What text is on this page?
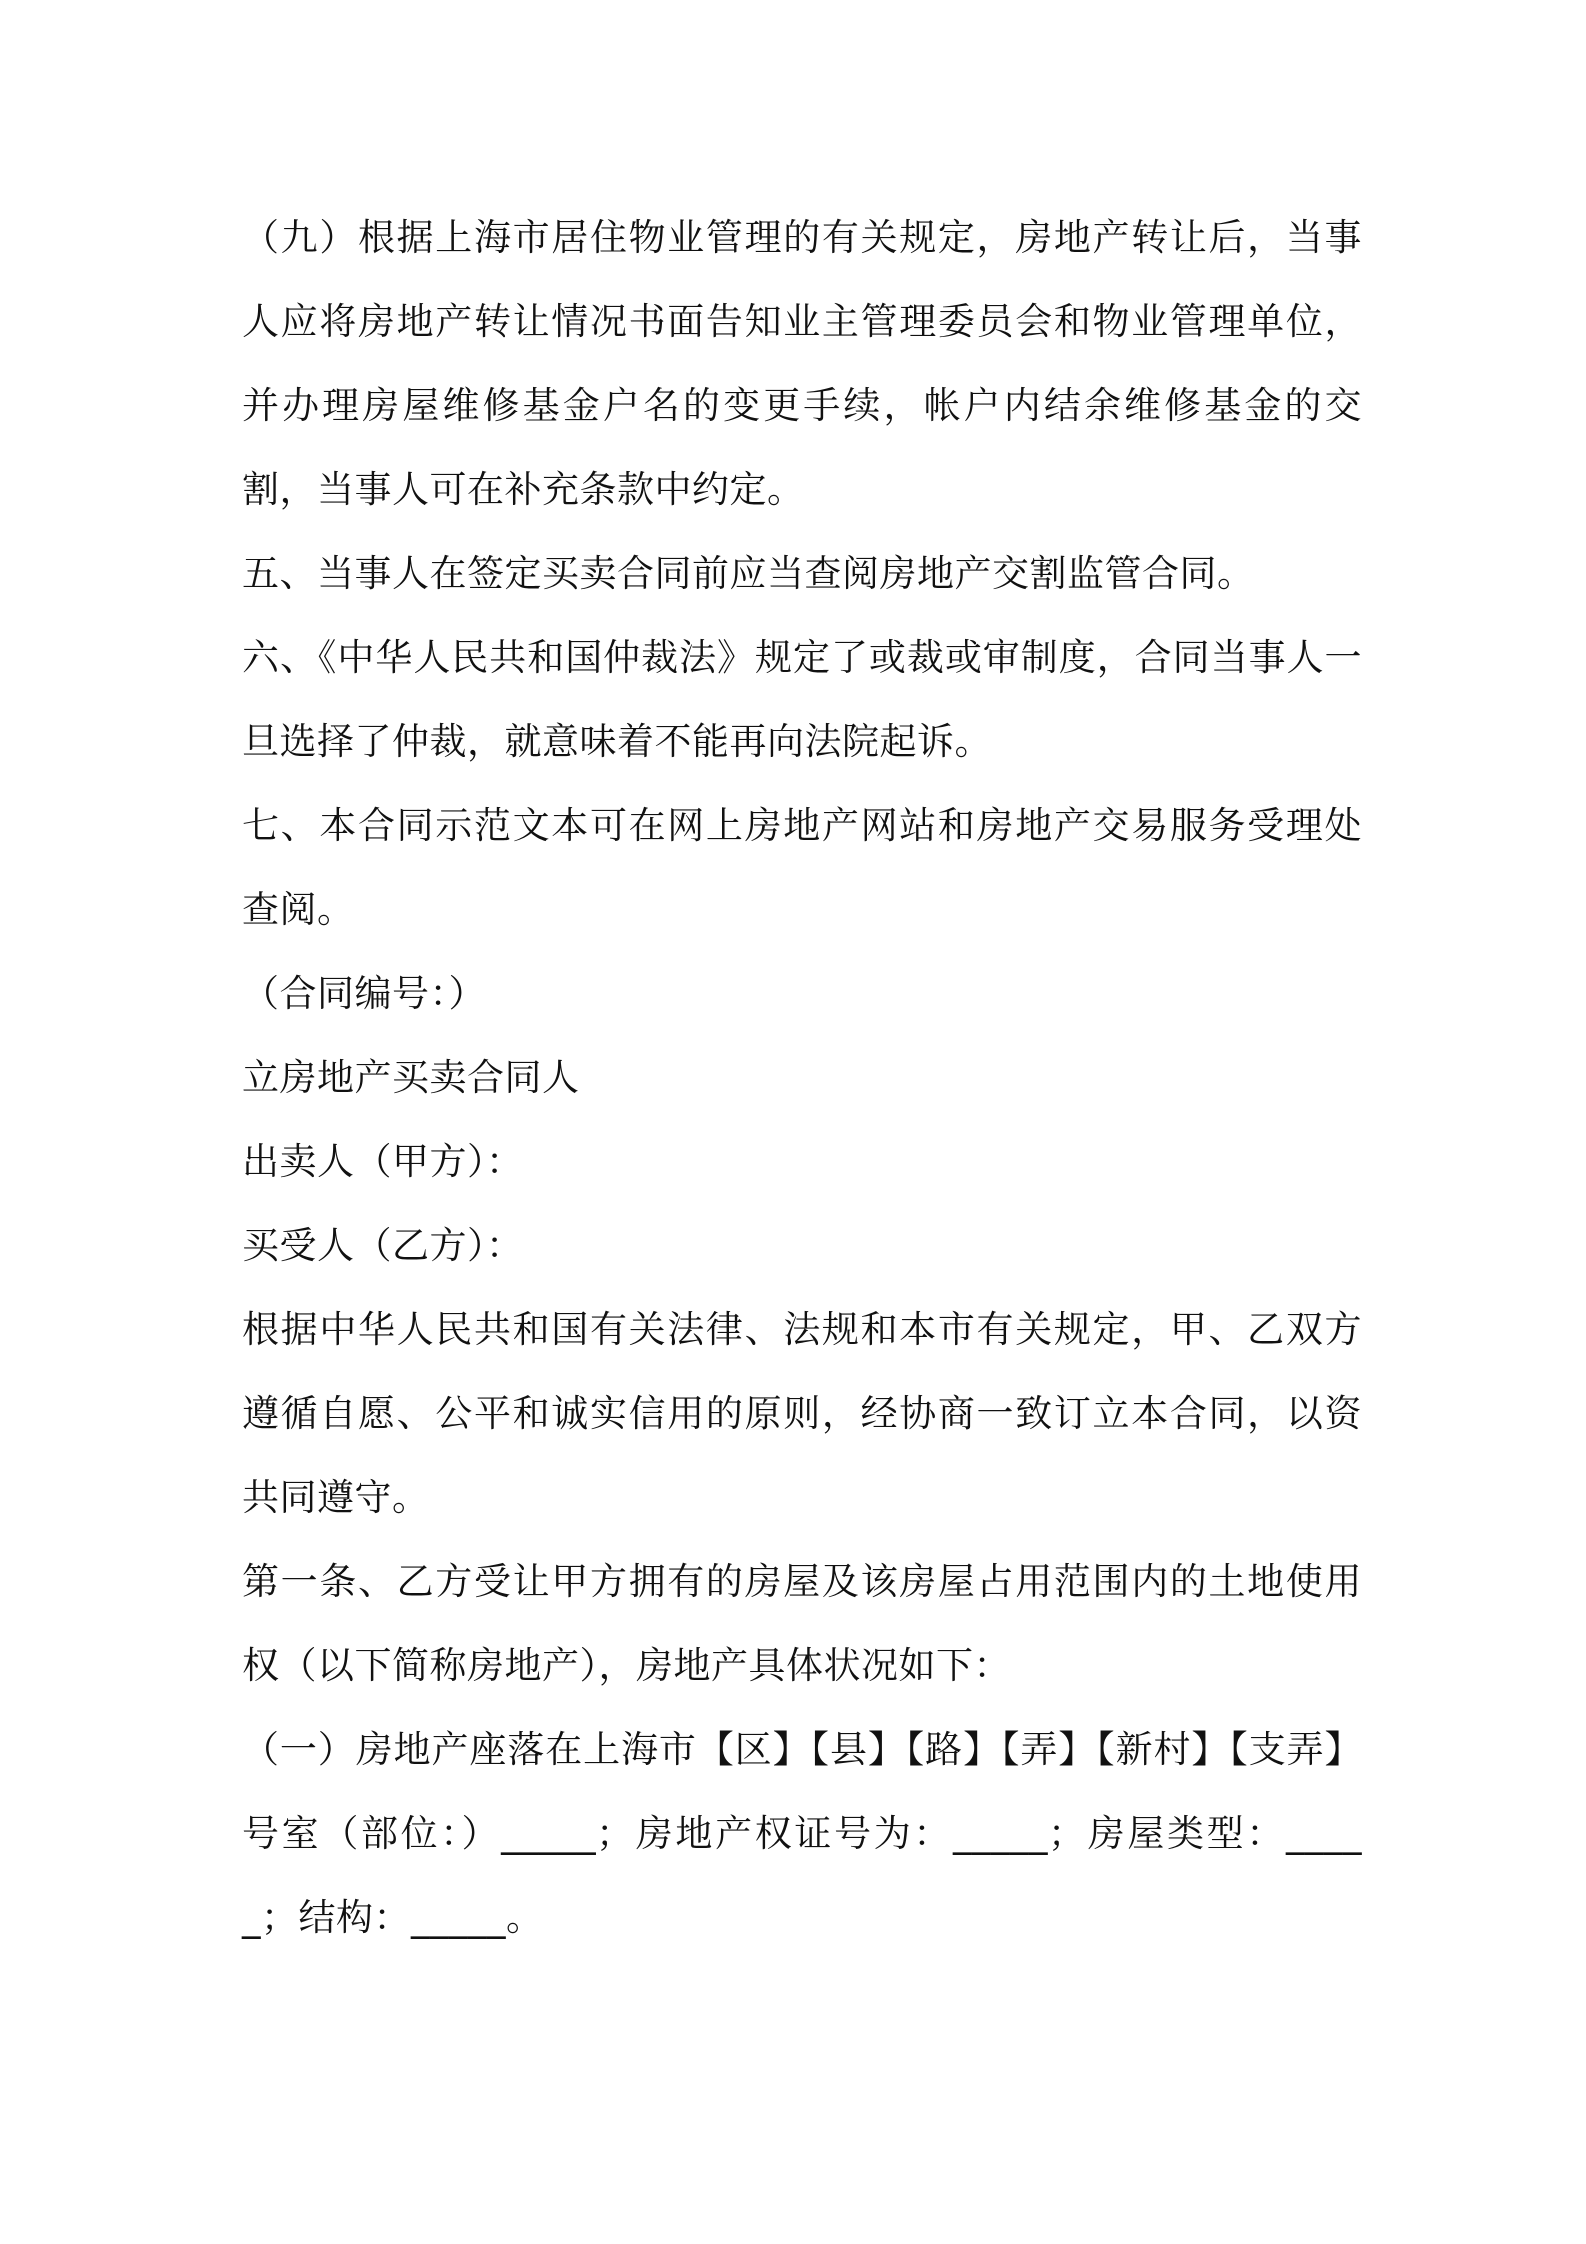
（九）根据上海市居住物业管理的有关规定，房地产转让后，当事人应将房地产转让情况书面告知业主管理委员会和物业管理单位，并办理房屋维修基金户名的变更手续，帐户内结余维修基金的交割，当事人可在补充条款中约定。

五、当事人在签定买卖合同前应当查阅房地产交割监管合同。

六、《中华人民共和国仲裁法》规定了或裁或审制度，合同当事人一旦选择了仲裁，就意味着不能再向法院起诉。

七、本合同示范文本可在网上房地产网站和房地产交易服务受理处查阅。

（合同编号：）

立房地产买卖合同人

出卖人（甲方）：

买受人（乙方）：

根据中华人民共和国有关法律、法规和本市有关规定，甲、乙双方遵循自愿、公平和诚实信用的原则，经协商一致订立本合同，以资共同遵守。

第一条、乙方受让甲方拥有的房屋及该房屋占用范围内的土地使用权（以下简称房地产），房地产具体状况如下：

（一）房地产座落在上海市【区】【县】【路】【弄】【新村】【支弄】号室（部位：）_____；房地产权证号为：_____；房屋类型：_____；结构：_____。
